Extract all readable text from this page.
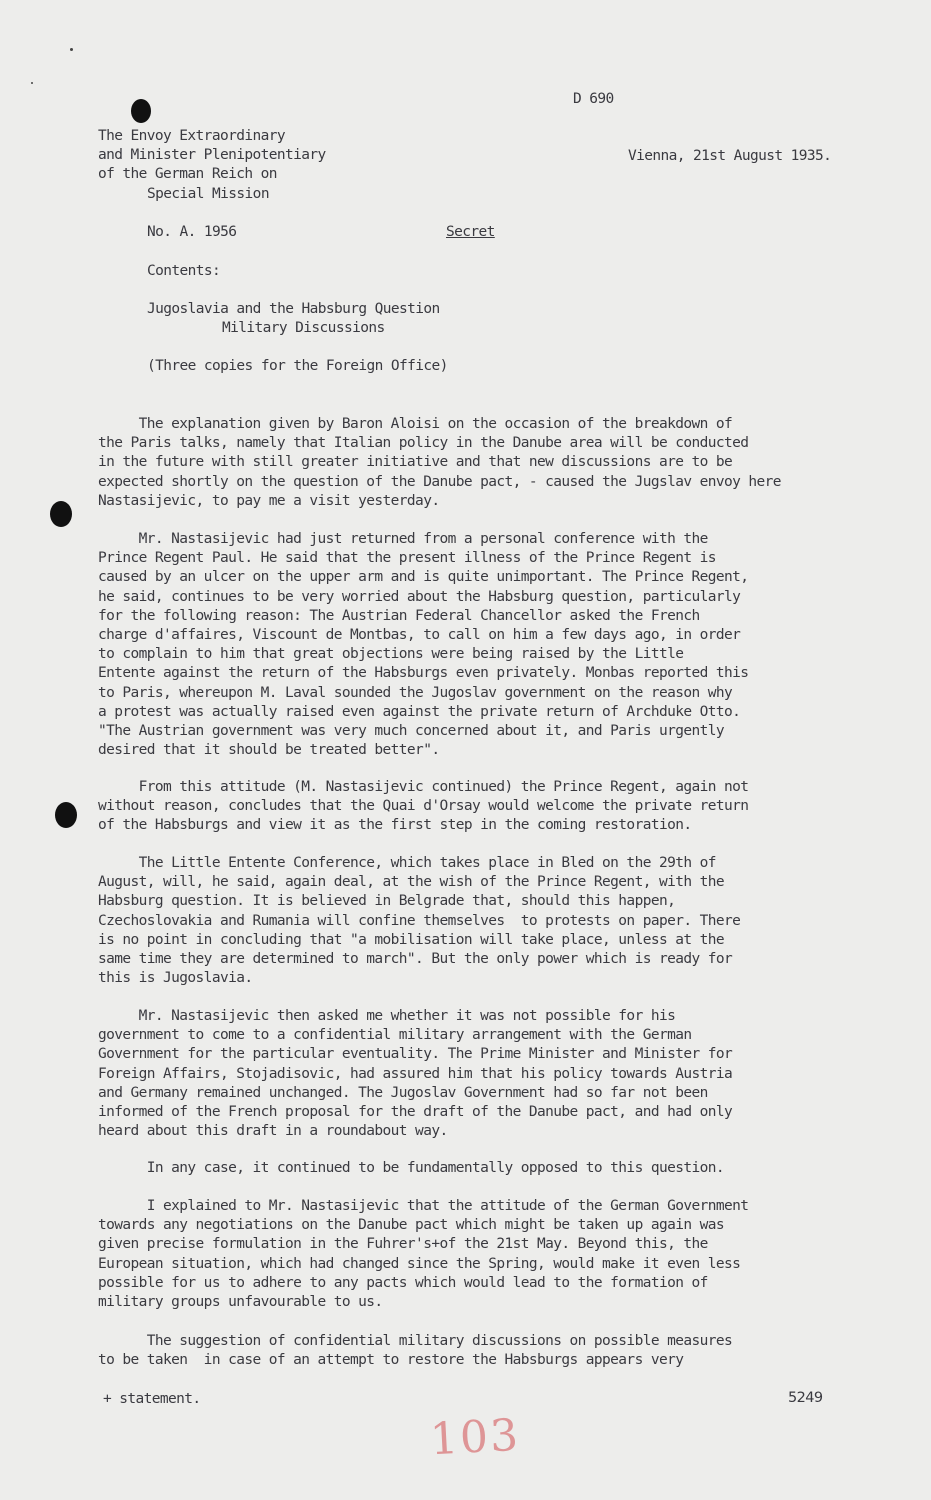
D 690
The Envoy Extraordinary
and Minister Plenipotentiary
of the German Reich on
Special Mission
Vienna, 21st August 1935.
No. A. 1956	Secret
Contents:
Jugoslavia and the Habsburg Question
Military Discussions
(Three copies for the Foreign Office)
The explanation given by Baron Aloisi on the occasion of the breakdown of
the Paris talks, namely that Italian policy in the Danube area will be conducted
in the future with still greater initiative and that new discussions are to be
expected shortly on the question of the Danube pact, - caused the Jugslav envoy here
Nastasijevic, to pay me a visit yesterday.
Mr. Nastasijevic had just returned from a personal conference with the
Prince Regent Paul. He said that the present illness of the Prince Regent is
caused by an ulcer on the upper arm and is quite unimportant. The Prince Regent,
he said, continues to be very worried about the Habsburg question, particularly
for the following reason: The Austrian Federal Chancellor asked the French
charge d'affaires, Viscount de Montbas, to call on him a few days ago, in order
to complain to him that great objections were being raised by the Little
Entente against the return of the Habsburgs even privately. Monbas reported this
to Paris, whereupon M. Laval sounded the Jugoslav government on the reason why
a protest was actually raised even against the private return of Archduke Otto.
"The Austrian government was very much concerned about it, and Paris urgently
desired that it should be treated better".
From this attitude (M. Nastasijevic continued) the Prince Regent, again not
without reason, concludes that the Quai d'Orsay would welcome the private return
of the Habsburgs and view it as the first step in the coming restoration.
The Little Entente Conference, which takes place in Bled on the 29th of
August, will, he said, again deal, at the wish of the Prince Regent, with the
Habsburg question. It is believed in Belgrade that, should this happen,
Czechoslovakia and Rumania will confine themselves  to protests on paper. There
is no point in concluding that "a mobilisation will take place, unless at the
same time they are determined to march". But the only power which is ready for
this is Jugoslavia.
Mr. Nastasijevic then asked me whether it was not possible for his
government to come to a confidential military arrangement with the German
Government for the particular eventuality. The Prime Minister and Minister for
Foreign Affairs, Stojadisovic, had assured him that his policy towards Austria
and Germany remained unchanged. The Jugoslav Government had so far not been
informed of the French proposal for the draft of the Danube pact, and had only
heard about this draft in a roundabout way.
In any case, it continued to be fundamentally opposed to this question.
I explained to Mr. Nastasijevic that the attitude of the German Government
towards any negotiations on the Danube pact which might be taken up again was
given precise formulation in the Fuhrer's+of the 21st May. Beyond this, the
European situation, which had changed since the Spring, would make it even less
possible for us to adhere to any pacts which would lead to the formation of
military groups unfavourable to us.
The suggestion of confidential military discussions on possible measures
to be taken  in case of an attempt to restore the Habsburgs appears very
+ statement.	5249
103
